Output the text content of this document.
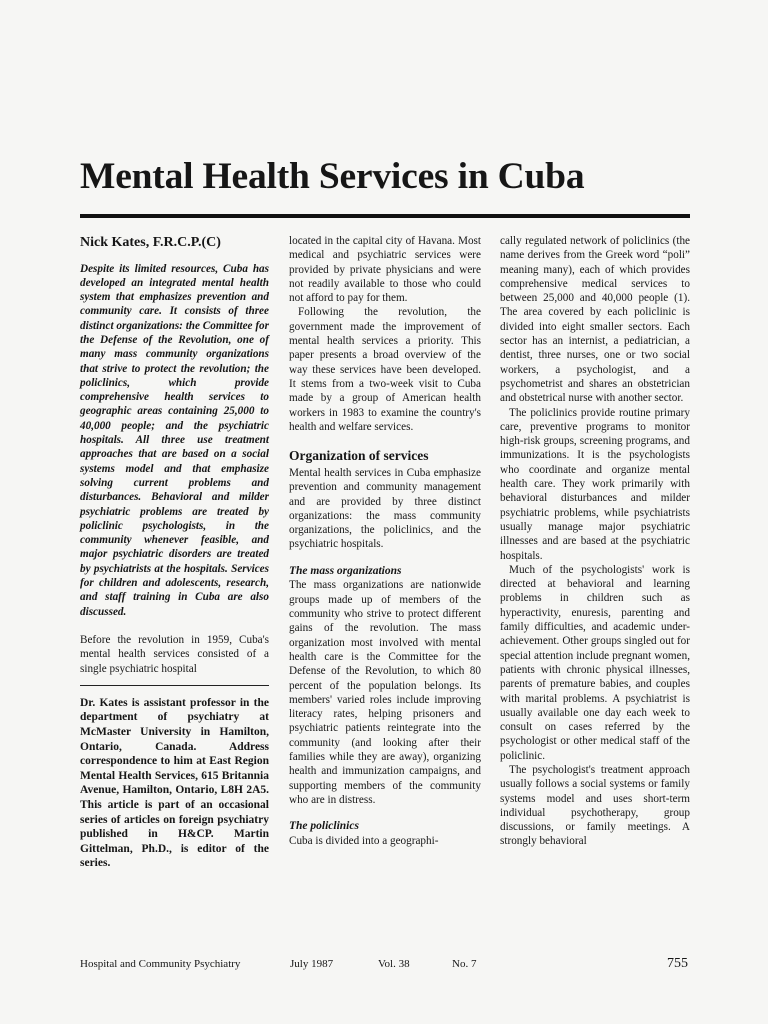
Mental Health Services in Cuba

Nick Kates, F.R.C.P.(C)

Despite its limited resources, Cuba has developed an integrated mental health system that emphasizes prevention and community care. It consists of three distinct organizations: the Committee for the Defense of the Revolution, one of many mass community organizations that strive to protect the revolution; the policlinics, which provide comprehensive health services to geographic areas containing 25,000 to 40,000 people; and the psychiatric hospitals. All three use treatment approaches that are based on a social systems model and that emphasize solving current problems and disturbances. Behavioral and milder psychiatric problems are treated by policlinic psychologists, in the community whenever feasible, and major psychiatric disorders are treated by psychiatrists at the hospitals. Services for children and adolescents, research, and staff training in Cuba are also discussed.

Before the revolution in 1959, Cuba's mental health services consisted of a single psychiatric hospital

Dr. Kates is assistant professor in the department of psychiatry at McMaster University in Hamilton, Ontario, Canada. Address correspondence to him at East Region Mental Health Services, 615 Britannia Avenue, Hamilton, Ontario, L8H 2A5. This article is part of an occasional series of articles on foreign psychiatry published in H&CP. Martin Gittelman, Ph.D., is editor of the series.

located in the capital city of Havana. Most medical and psychiatric services were provided by private physicians and were not readily available to those who could not afford to pay for them.

Following the revolution, the government made the improvement of mental health services a priority. This paper presents a broad overview of the way these services have been developed. It stems from a two-week visit to Cuba made by a group of American health workers in 1983 to examine the country's health and welfare services.

Organization of services

Mental health services in Cuba emphasize prevention and community management and are provided by three distinct organizations: the mass community organizations, the policlinics, and the psychiatric hospitals.

The mass organizations

The mass organizations are nationwide groups made up of members of the community who strive to protect different gains of the revolution. The mass organization most involved with mental health care is the Committee for the Defense of the Revolution, to which 80 percent of the population belongs. Its members' varied roles include improving literacy rates, helping prisoners and psychiatric patients reintegrate into the community (and looking after their families while they are away), organizing health and immunization campaigns, and supporting members of the community who are in distress.

The policlinics

Cuba is divided into a geographi-

cally regulated network of policlinics (the name derives from the Greek word “poli” meaning many), each of which provides comprehensive medical services to between 25,000 and 40,000 people (1). The area covered by each policlinic is divided into eight smaller sectors. Each sector has an internist, a pediatrician, a dentist, three nurses, one or two social workers, a psychologist, and a psychometrist and shares an obstetrician and obstetrical nurse with another sector.

The policlinics provide routine primary care, preventive programs to monitor high-risk groups, screening programs, and immunizations. It is the psychologists who coordinate and organize mental health care. They work primarily with behavioral disturbances and milder psychiatric problems, while psychiatrists usually manage major psychiatric illnesses and are based at the psychiatric hospitals.

Much of the psychologists' work is directed at behavioral and learning problems in children such as hyperactivity, enuresis, parenting and family difficulties, and academic under-achievement. Other groups singled out for special attention include pregnant women, patients with chronic physical illnesses, parents of premature babies, and couples with marital problems. A psychiatrist is usually available one day each week to consult on cases referred by the psychologist or other medical staff of the policlinic.

The psychologist's treatment approach usually follows a social systems or family systems model and uses short-term individual psychotherapy, group discussions, or family meetings. A strongly behavioral

Hospital and Community Psychiatry	July 1987	Vol. 38	No. 7	755
